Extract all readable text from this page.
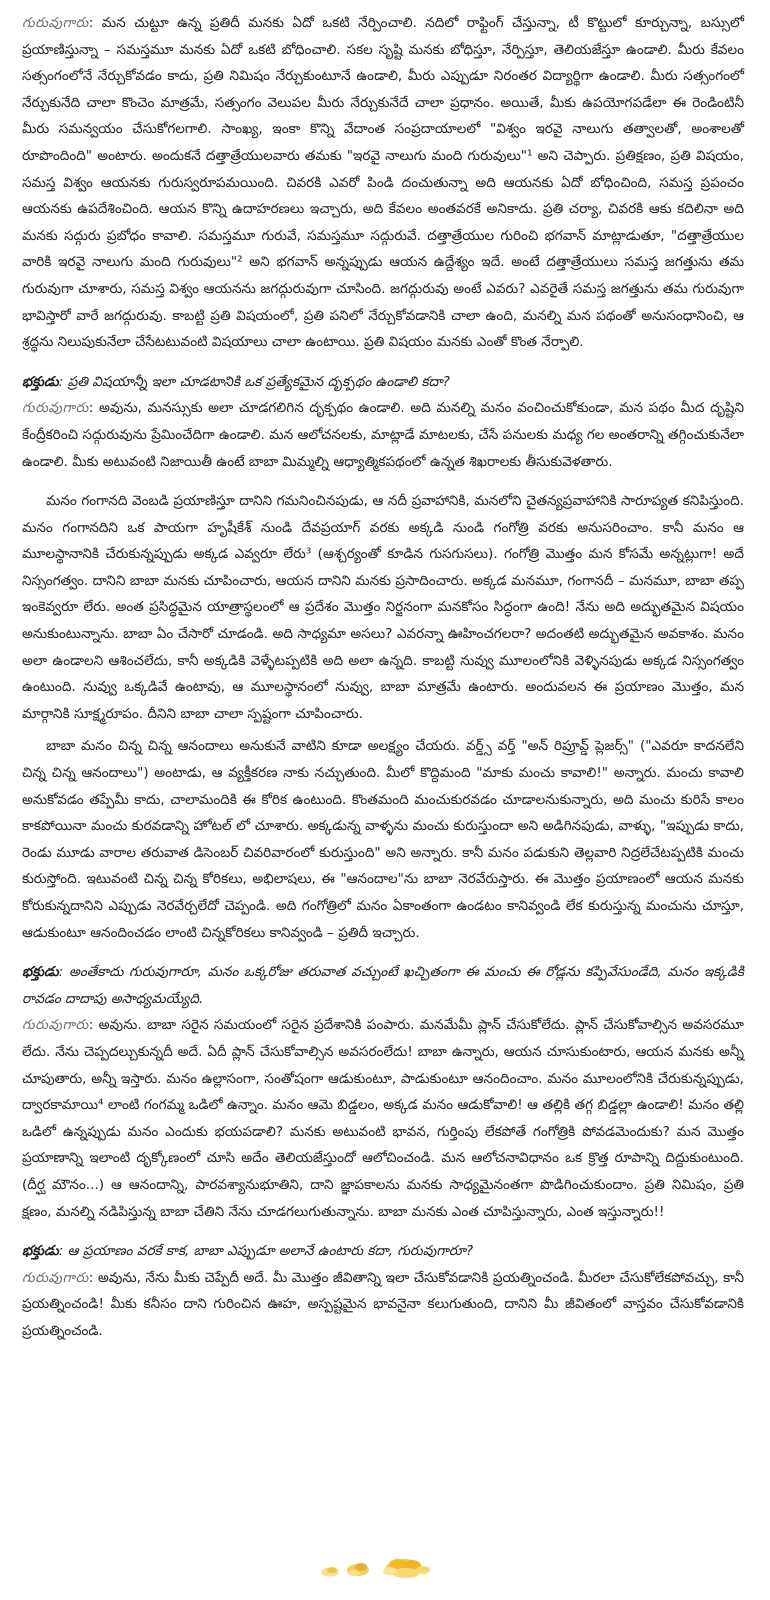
గురువుగారు: మన చుట్టూ ఉన్న ప్రతిదీ మనకు ఏదో ఒకటి నేర్పించాలి. నదిలో రాఫ్టింగ్ చేస్తున్నా, టీ కొట్టులో కూర్చున్నా, బస్సులో ప్రయాణిస్తున్నా – సమస్తమూ మనకు ఏదో ఒకటి బోధించాలి. సకల సృష్టి మనకు బోధిస్తూ, నేర్పిస్తూ, తెలియజేస్తూ ఉండాలి. మీరు కేవలం సత్సంగంలోనే నేర్చుకోవడం కాదు, ప్రతి నిమిషం నేర్చుకుంటూనే ఉండాలి, మీరు ఎప్పుడూ నిరంతర విద్యార్థిగా ఉండాలి. మీరు సత్సంగంలో నేర్చుకునేది చాలా కొంచెం మాత్రమే, సత్సంగం వెలుపల మీరు నేర్చుకునేదే చాలా ప్రధానం. అయితే, మీకు ఉపయోగపడేలా ఈ రెండింటినీ మీరు సమన్వయం చేసుకోగలగాలి. సాంఖ్య, ఇంకా కొన్ని వేదాంత సంప్రదాయాలలో "విశ్వం ఇరవై నాలుగు తత్వాలతో, అంశాలతో రూపొందింది" అంటారు. అందుకనే దత్తాత్రేయులవారు తమకు "ఇరవై నాలుగు మంది గురువులు"¹ అని చెప్పారు. ప్రతిక్షణం, ప్రతి విషయం, సమస్త విశ్వం ఆయనకు గురుస్వరూపమయింది. చివరకి ఎవరో పిండి దంచుతున్నా అది ఆయనకు ఏదో బోధించింది, సమస్త ప్రపంచం ఆయనకు ఉపదేశించింది. ఆయన కొన్ని ఉదాహరణలు ఇచ్చారు, అది కేవలం అంతవరకే అనికాదు. ప్రతి చర్యా, చివరకి ఆకు కదిలినా అది మనకు సద్గురు ప్రబోధం కావాలి. సమస్తమూ గురువే, సమస్తమూ సద్గురువే. దత్తాత్రేయుల గురించి భగవాన్ మాట్లాడుతూ, "దత్తాత్రేయుల వారికి ఇరవై నాలుగు మంది గురువులు"² అని భగవాన్ అన్నప్పుడు ఆయన ఉద్దేశ్యం ఇదే. అంటే దత్తాత్రేయులు సమస్త జగత్తును తమ గురువుగా చూశారు, సమస్త విశ్వం ఆయనను జగద్గురువుగా చూసింది. జగద్గురువు అంటే ఎవరు? ఎవరైతే సమస్త జగత్తును తమ గురువుగా భావిస్తారో వారే జగద్గురువు. కాబట్టి ప్రతి విషయంలో, ప్రతి పనిలో నేర్చుకోవడానికి చాలా ఉంది, మనల్ని మన పథంతో అనుసంధానించి, ఆ శ్రద్ధను నిలుపుకునేలా చేసేటటువంటి విషయాలు చాలా ఉంటాయి. ప్రతి విషయం మనకు ఎంతో కొంత నేర్పాలి.

భక్తుడు: ప్రతి విషయాన్నీ ఇలా చూడటానికి ఒక ప్రత్యేకమైన దృక్పథం ఉండాలి కదా?

గురువుగారు: అవును, మనస్సుకు అలా చూడగలిగిన దృక్పథం ఉండాలి. అది మనల్ని మనం వంచించుకోకుండా, మన పథం మీద దృష్టిని కేంద్రీకరించి సద్గురువును ప్రేమించేదిగా ఉండాలి. మన ఆలోచనలకు, మాట్లాడే మాటలకు, చేసే పనులకు మధ్య గల అంతరాన్ని తగ్గించుకునేలా ఉండాలి. మీకు అటువంటి నిజాయితీ ఉంటే బాబా మిమ్మల్ని ఆధ్యాత్మికపథంలో ఉన్నత శిఖరాలకు తీసుకువెళతారు.

మనం గంగానది వెంబడి ప్రయాణిస్తూ దానిని గమనించినపుడు, ఆ నదీ ప్రవాహానికి, మనలోని చైతన్యప్రవాహానికి సారూప్యత కనిపిస్తుంది. మనం గంగానదిని ఒక పాయగా హృషీకేశ్ నుండి దేవప్రయాగ్ వరకు అక్కడి నుండి గంగోత్రి వరకు అనుసరించాం. కానీ మనం ఆ మూలస్థానానికి చేరుకున్నప్పుడు అక్కడ ఎవ్వరూ లేరు³ (ఆశ్చర్యంతో కూడిన గుసగుసలు). గంగోత్రి మొత్తం మన కోసమే అన్నట్లుగా! అదే నిస్సంగత్వం. దానిని బాబా మనకు చూపించారు, ఆయన దానిని మనకు ప్రసాదించారు. అక్కడ మనమూ, గంగానదీ – మనమూ, బాబా తప్ప ఇంకెవ్వరూ లేరు. అంత ప్రసిద్ధమైన యాత్రాస్థలంలో ఆ ప్రదేశం మొత్తం నిర్జనంగా మనకోసం సిద్ధంగా ఉంది! నేను అది అద్భుతమైన విషయం అనుకుంటున్నాను. బాబా ఏం చేసారో చూడండి. అది సాధ్యమా అసలు? ఎవరన్నా ఊహించగలరా? అదంతటి అద్భుతమైన అవకాశం. మనం అలా ఉండాలని ఆశించలేదు, కానీ అక్కడికి వెళ్ళేటప్పటికి అది అలా ఉన్నది. కాబట్టి నువ్వు మూలంలోనికి వెళ్ళినపుడు అక్కడ నిస్సంగత్వం ఉంటుంది. నువ్వు ఒక్కడివే ఉంటావు, ఆ మూలస్థానంలో నువ్వు, బాబా మాత్రమే ఉంటారు. అందువలన ఈ ప్రయాణం మొత్తం, మన మార్గానికి సూక్ష్మరూపం. దీనిని బాబా చాలా స్పష్టంగా చూపించారు.

బాబా మనం చిన్న చిన్న ఆనందాలు అనుకునే వాటిని కూడా అలక్ష్యం చేయరు. వర్డ్స్ వర్త్ "అన్ రిప్రూవ్డ్ ప్లెజర్స్" ("ఎవరూ కాదనలేని చిన్న చిన్న ఆనందాలు") అంటాడు, ఆ వ్యక్తీకరణ నాకు నచ్చుతుంది. మీలో కొద్దిమంది "మాకు మంచు కావాలి!" అన్నారు. మంచు కావాలి అనుకోవడం తప్పేమీ కాదు, చాలామందికి ఈ కోరిక ఉంటుంది. కొంతమంది మంచుకురవడం చూడాలనుకున్నారు, అది మంచు కురిసే కాలం కాకపోయినా మంచు కురవడాన్ని హోటల్ లో చూశారు. అక్కడున్న వాళ్ళను మంచు కురుస్తుందా అని అడిగినపుడు, వాళ్ళు, "ఇప్పుడు కాదు, రెండు మూడు వారాల తరువాత డిసెంబర్ చివరివారంలో కురుస్తుంది" అని అన్నారు. కానీ మనం పడుకుని తెల్లవారి నిద్రలేచేటప్పటికి మంచు కురుస్తోంది. ఇటువంటి చిన్న చిన్న కోరికలు, అభిలాషలు, ఈ "ఆనందాల"ను బాబా నెరవేరుస్తారు. ఈ మొత్తం ప్రయాణంలో ఆయన మనకు కోరుకున్నదానిని ఎప్పుడు నెరవేర్చలేదో చెప్పండి. అది గంగోత్రిలో మనం ఏకాంతంగా ఉండటం కానివ్వండి లేక కురుస్తున్న మంచును చూస్తూ, ఆడుకుంటూ ఆనందించడం లాంటి చిన్నకోరికలు కానివ్వండి – ప్రతిదీ ఇచ్చారు.

భక్తుడు: అంతేకాదు గురువుగారూ, మనం ఒక్కరోజు తరువాత వచ్చుంటే ఖచ్చితంగా ఈ మంచు ఈ రోడ్లను కప్పివేసుండేది, మనం ఇక్కడికి రావడం దాదాపు అసాధ్యమయ్యేది.

గురువుగారు: అవును. బాబా సరైన సమయంలో సరైన ప్రదేశానికి పంపారు. మనమేమీ ప్లాన్ చేసుకోలేదు. ప్లాన్ చేసుకోవాల్సిన అవసరమూ లేదు. నేను చెప్పదల్చుకున్నదీ అదే. ఏదీ ప్లాన్ చేసుకోవాల్సిన అవసరంలేదు! బాబా ఉన్నారు, ఆయన చూసుకుంటారు, ఆయన మనకు అన్నీ చూపుతారు, అన్నీ ఇస్తారు. మనం ఉల్లాసంగా, సంతోషంగా ఆడుకుంటూ, పాడుకుంటూ ఆనందించాం. మనం మూలంలోనికి చేరుకున్నప్పుడు, ద్వారకామాయి⁴ లాంటి గంగమ్మ ఒడిలో ఉన్నాం. మనం ఆమె బిడ్డలం, అక్కడ మనం ఆడుకోవాలి! ఆ తల్లికి తగ్గ బిడ్డల్లా ఉండాలి! మనం తల్లి ఒడిలో ఉన్నప్పుడు మనం ఎందుకు భయపడాలి? మనకు అటువంటి భావన, గుర్తింపు లేకపోతే గంగోత్రికి పోవడమెందుకు? మన మొత్తం ప్రయాణాన్ని ఇలాంటి దృక్కోణంలో చూసి అదేం తెలియజేస్తుందో ఆలోచించండి. మన ఆలోచనావిధానం ఒక క్రొత్త రూపాన్ని దిద్దుకుంటుంది. (దీర్ఘ మౌనం...) ఆ ఆనందాన్ని, పారవశ్యానుభూతిని, దాని జ్ఞాపకాలను మనకు సాధ్యమైనంతగా పొడిగించుకుందాం. ప్రతి నిమిషం, ప్రతి క్షణం, మనల్ని నడిపిస్తున్న బాబా చేతిని నేను చూడగలుగుతున్నాను. బాబా మనకు ఎంత చూపిస్తున్నారు, ఎంత ఇస్తున్నారు!!

భక్తుడు: ఆ ప్రయాణం వరకే కాక, బాబా ఎప్పుడూ అలానే ఉంటారు కదా, గురువుగారూ?

గురువుగారు: అవును, నేను మీకు చెప్పేదీ అదే. మీ మొత్తం జీవితాన్ని ఇలా చేసుకోవడానికి ప్రయత్నించండి. మీరలా చేసుకోలేకపోవచ్చు, కానీ ప్రయత్నించండి! మీకు కనీసం దాని గురించిన ఊహ, అస్పష్టమైన భావనైనా కలుగుతుంది, దానిని మీ జీవితంలో వాస్తవం చేసుకోవడానికి ప్రయత్నించండి.
